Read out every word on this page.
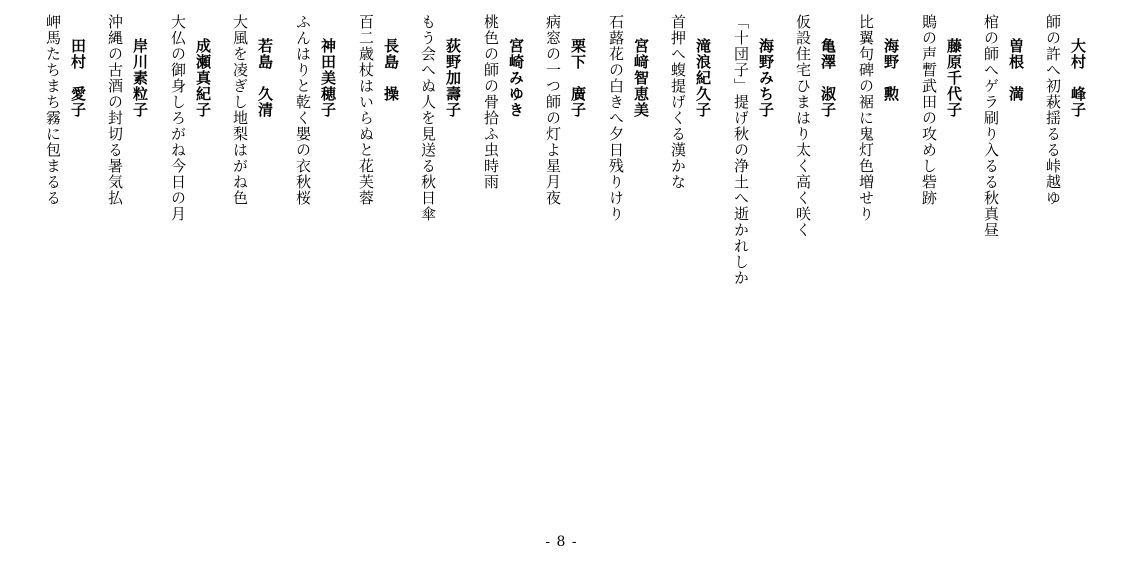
師の許へ初萩揺るる峠越ゆ 大村　峰子
棺の師へゲラ刷り入るる秋真昼 曽根　満
鵙の声暫武田の攻めし砦跡 藤原千代子
比翼句碑の裾に鬼灯色増せり 海野　勲
仮設住宅ひまはり太く高く咲く 亀澤　淑子
「十団子」提げ秋の浄土へ逝かれしか 海野みち子
首押へ蝮提げくる漢かな 滝浪紀久子
石蕗花の白きへ夕日残りけり 宮﨑智恵美
病窓の一つ師の灯よ星月夜 栗下　廣子
桃色の師の骨拾ふ虫時雨 宮崎みゆき
もう会へぬ人を見送る秋日傘 荻野加壽子
百二歳杖はいらぬと花芙蓉 長島　操
ふんはりと乾く嬰の衣秋桜 神田美穂子
大風を凌ぎし地梨はがね色 若島　久清
大仏の御身しろがね今日の月 成瀬真紀子
沖縄の古酒の封切る暑気払 岸川素粒子
岬馬たちまち霧に包まるる 田村　愛子
- 8 -
